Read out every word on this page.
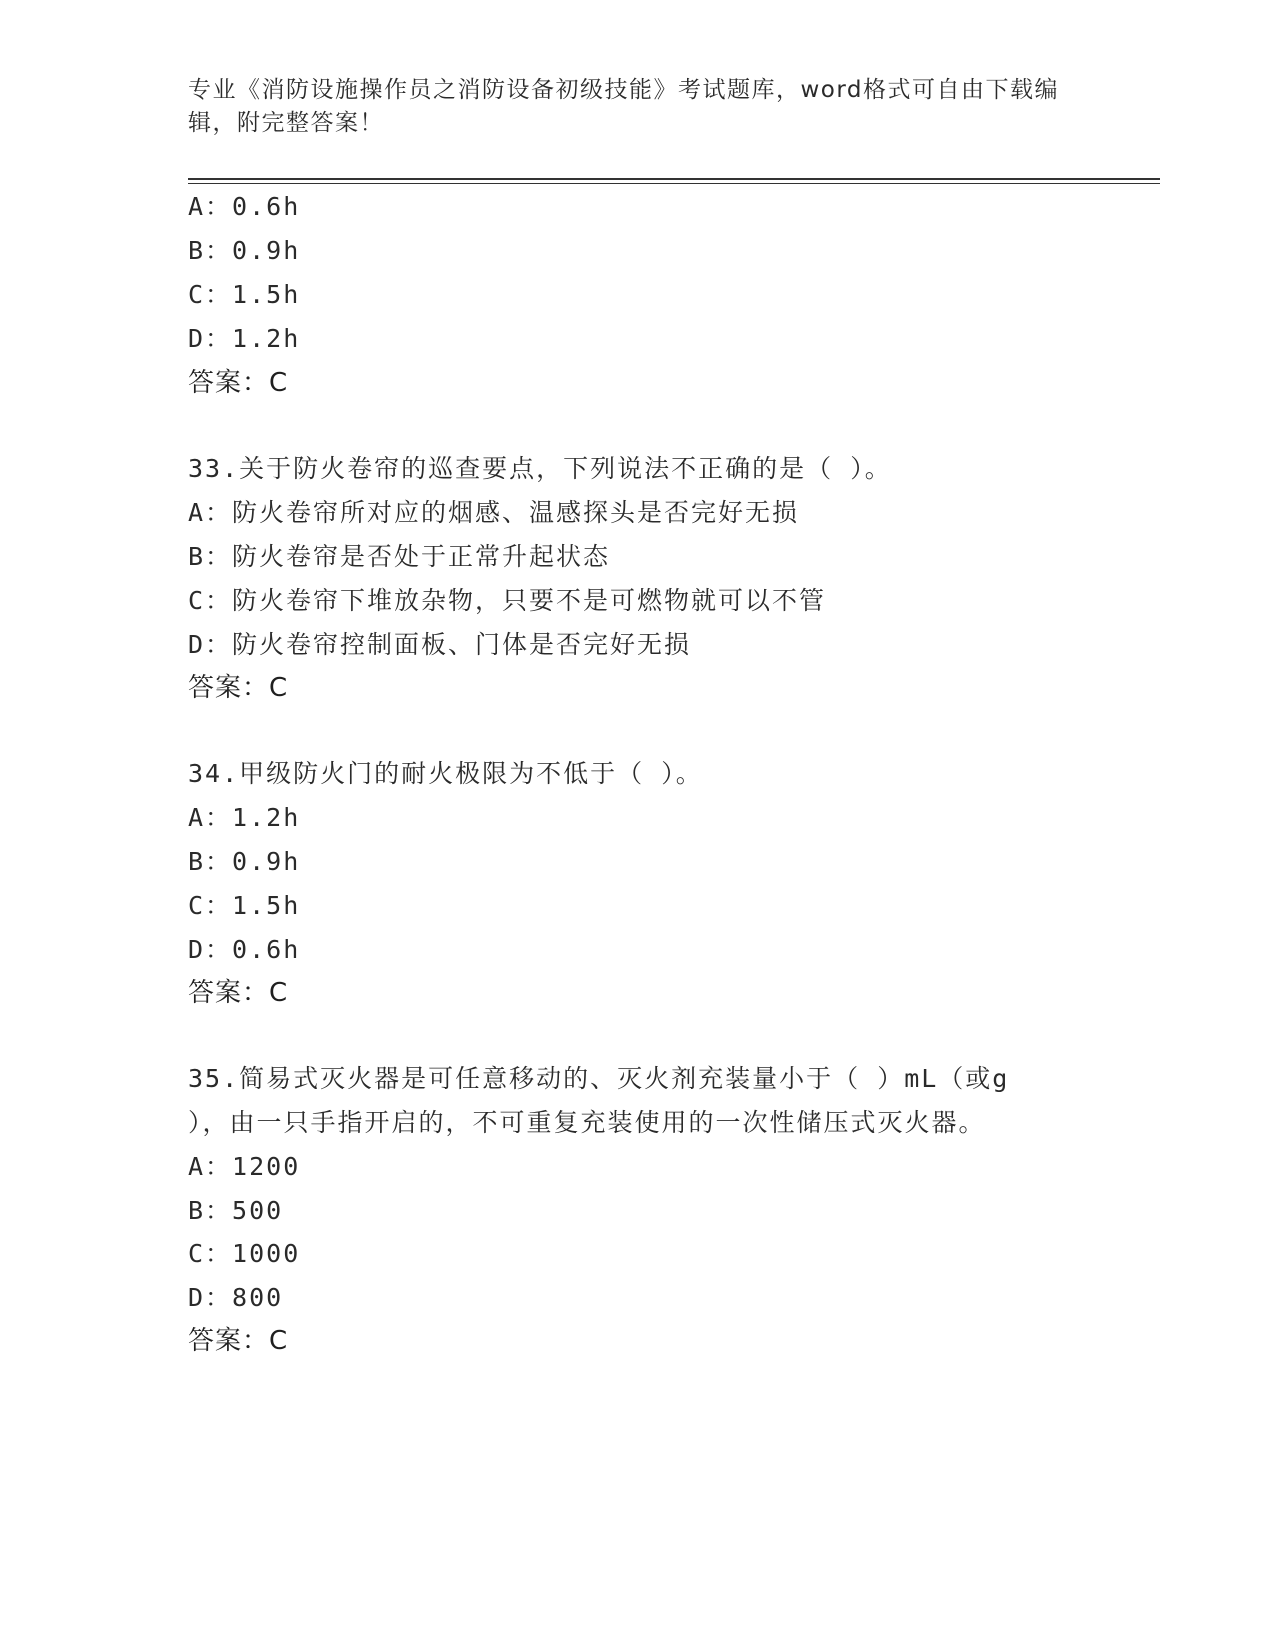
专业《消防设施操作员之消防设备初级技能》考试题库，word格式可自由下载编
辑，附完整答案！
A：0.6h
B：0.9h
C：1.5h
D：1.2h
答案：C
33.关于防火卷帘的巡查要点，下列说法不正确的是（ ）。
A：防火卷帘所对应的烟感、温感探头是否完好无损
B：防火卷帘是否处于正常升起状态
C：防火卷帘下堆放杂物，只要不是可燃物就可以不管
D：防火卷帘控制面板、门体是否完好无损
答案：C
34.甲级防火门的耐火极限为不低于（ ）。
A：1.2h
B：0.9h
C：1.5h
D：0.6h
答案：C
35.简易式灭火器是可任意移动的、灭火剂充装量小于（ ）mL（或g
），由一只手指开启的，不可重复充装使用的一次性储压式灭火器。
A：1200
B：500
C：1000
D：800
答案：C
